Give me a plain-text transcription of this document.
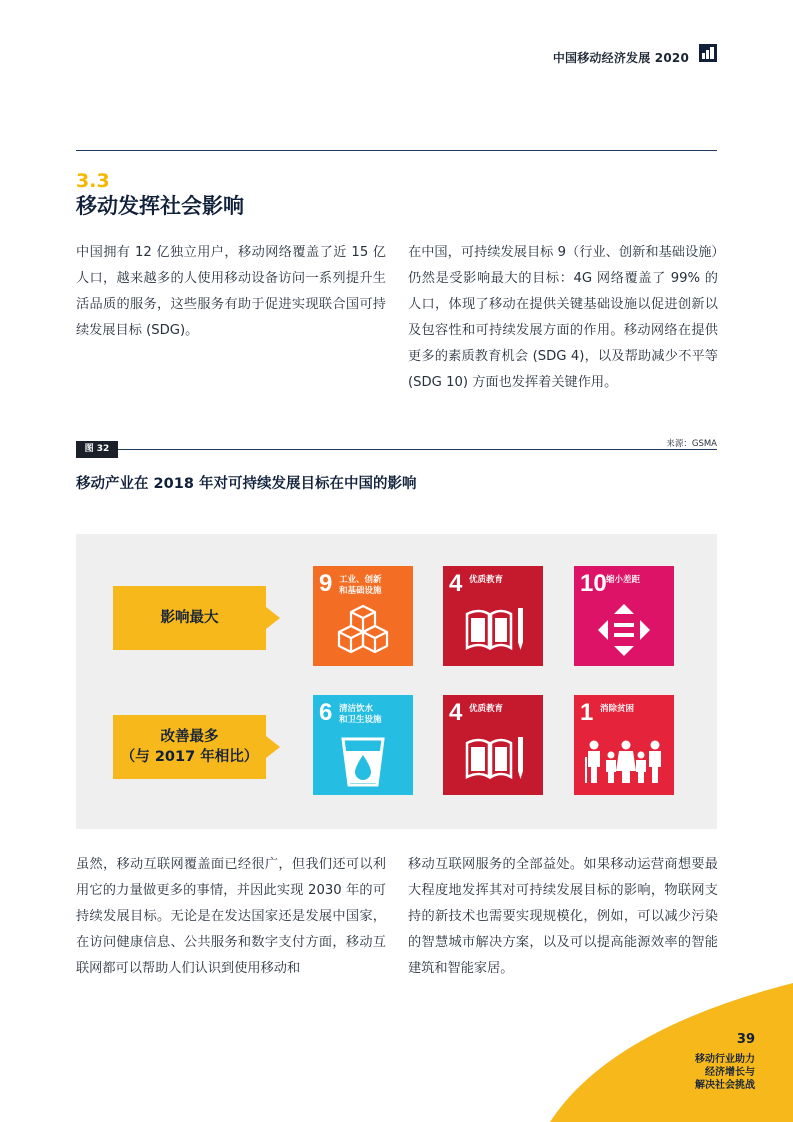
中国移动经济发展 2020
3.3
移动发挥社会影响

中国拥有 12 亿独立用户，移动网络覆盖了近 15 亿人口，越来越多的人使用移动设备访问一系列提升生活品质的服务，这些服务有助于促进实现联合国可持续发展目标 (SDG)。

在中国，可持续发展目标 9（行业、创新和基础设施）仍然是受影响最大的目标：4G 网络覆盖了 99% 的人口，体现了移动在提供关键基础设施以促进创新以及包容性和可持续发展方面的作用。移动网络在提供更多的素质教育机会 (SDG 4)，以及帮助减少不平等 (SDG 10) 方面也发挥着关键作用。

图 32	来源：GSMA
移动产业在 2018 年对可持续发展目标在中国的影响
影响最大
改善最多
（与 2017 年相比）
9 工业、创新
和基础设施	4 优质教育	10 缩小差距
6 清洁饮水
和卫生设施	4 优质教育	1 消除贫困

虽然，移动互联网覆盖面已经很广，但我们还可以利用它的力量做更多的事情，并因此实现 2030 年的可持续发展目标。无论是在发达国家还是发展中国家，在访问健康信息、公共服务和数字支付方面，移动互联网都可以帮助人们认识到使用移动和

移动互联网服务的全部益处。如果移动运营商想要最大程度地发挥其对可持续发展目标的影响，物联网支持的新技术也需要实现规模化，例如，可以减少污染的智慧城市解决方案，以及可以提高能源效率的智能建筑和智能家居。

39
移动行业助力
经济增长与
解决社会挑战
